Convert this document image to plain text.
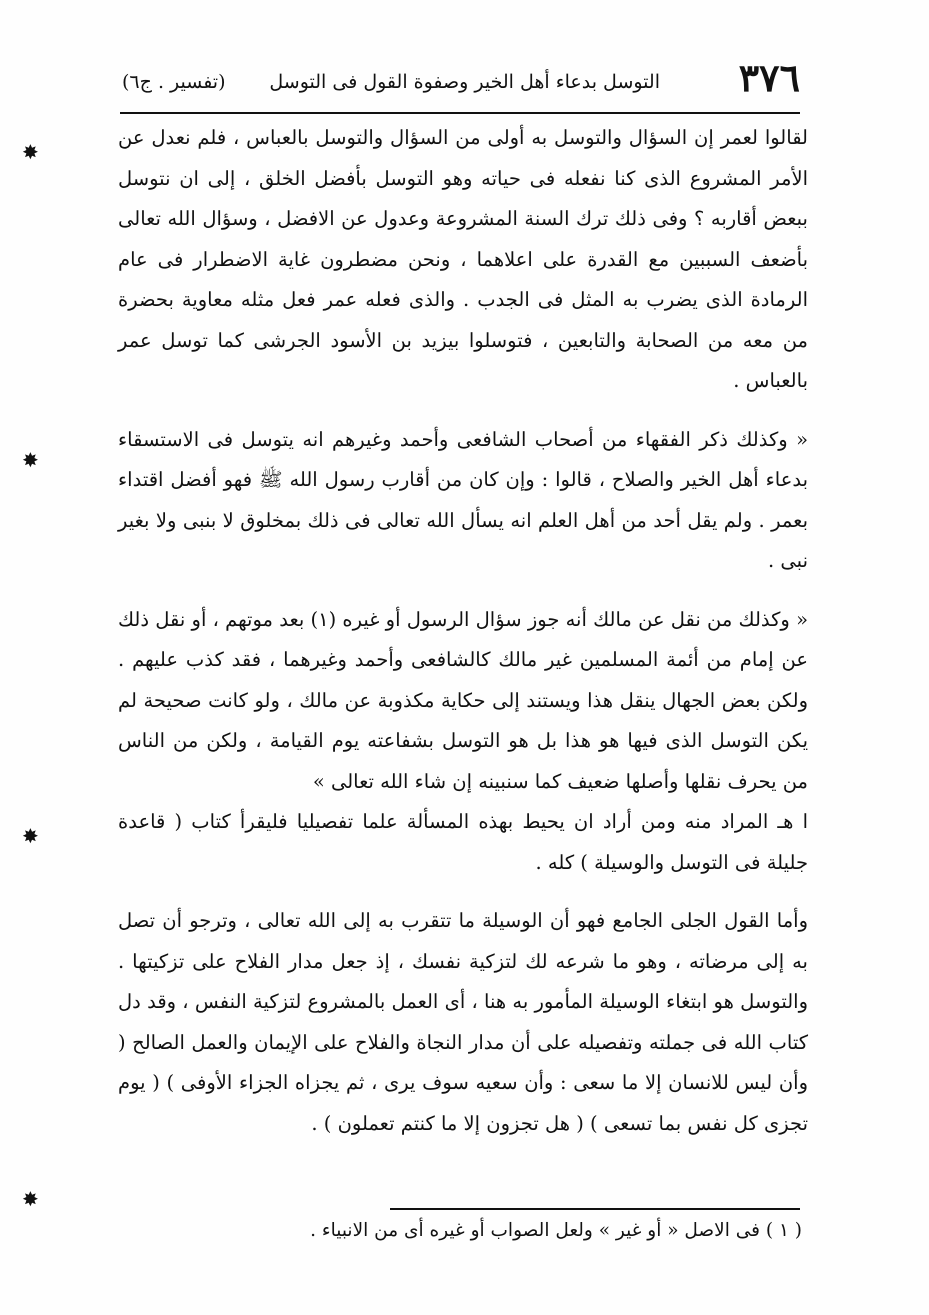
٣٧٦
التوسل بدعاء أهل الخير وصفوة القول فى التوسل
(تفسير . ج٦)

لقالوا لعمر إن السؤال والتوسل به أولى من السؤال والتوسل بالعباس ، فلم نعدل عن الأمر المشروع الذى كنا نفعله فى حياته وهو التوسل بأفضل الخلق ، إلى ان نتوسل ببعض أقاربه ؟ وفى ذلك ترك السنة المشروعة وعدول عن الافضل ، وسؤال الله تعالى بأضعف السببين مع القدرة على اعلاهما ، ونحن مضطرون غاية الاضطرار فى عام الرمادة الذى يضرب به المثل فى الجدب . والذى فعله عمر فعل مثله معاوية بحضرة من معه من الصحابة والتابعين ، فتوسلوا بيزيد بن الأسود الجرشى كما توسل عمر بالعباس .

« وكذلك ذكر الفقهاء من أصحاب الشافعى وأحمد وغيرهم انه يتوسل فى الاستسقاء بدعاء أهل الخير والصلاح ، قالوا : وإن كان من أقارب رسول الله ﷺ فهو أفضل اقتداء بعمر . ولم يقل أحد من أهل العلم انه يسأل الله تعالى فى ذلك بمخلوق لا بنبى ولا بغير نبى .

« وكذلك من نقل عن مالك أنه جوز سؤال الرسول أو غيره (١) بعد موتهم ، أو نقل ذلك عن إمام من أئمة المسلمين غير مالك كالشافعى وأحمد وغيرهما ، فقد كذب عليهم . ولكن بعض الجهال ينقل هذا ويستند إلى حكاية مكذوبة عن مالك ، ولو كانت صحيحة لم يكن التوسل الذى فيها هو هذا بل هو التوسل بشفاعته يوم القيامة ، ولكن من الناس من يحرف نقلها وأصلها ضعيف كما سنبينه إن شاء الله تعالى »

ا هـ المراد منه ومن أراد ان يحيط بهذه المسألة علما تفصيليا فليقرأ كتاب ( قاعدة جليلة فى التوسل والوسيلة ) كله .

وأما القول الجلى الجامع فهو أن الوسيلة ما تتقرب به إلى الله تعالى ، وترجو أن تصل به إلى مرضاته ، وهو ما شرعه لك لتزكية نفسك ، إذ جعل مدار الفلاح على تزكيتها . والتوسل هو ابتغاء الوسيلة المأمور به هنا ، أى العمل بالمشروع لتزكية النفس ، وقد دل كتاب الله فى جملته وتفصيله على أن مدار النجاة والفلاح على الإيمان والعمل الصالح ( وأن ليس للانسان إلا ما سعى : وأن سعيه سوف يرى ، ثم يجزاه الجزاء الأوفى ) ( يوم تجزى كل نفس بما تسعى ) ( هل تجزون إلا ما كنتم تعملون ) .

( ١ ) فى الاصل « أو غير » ولعل الصواب أو غيره أى من الانبياء .
✸
✸
✸
✸
